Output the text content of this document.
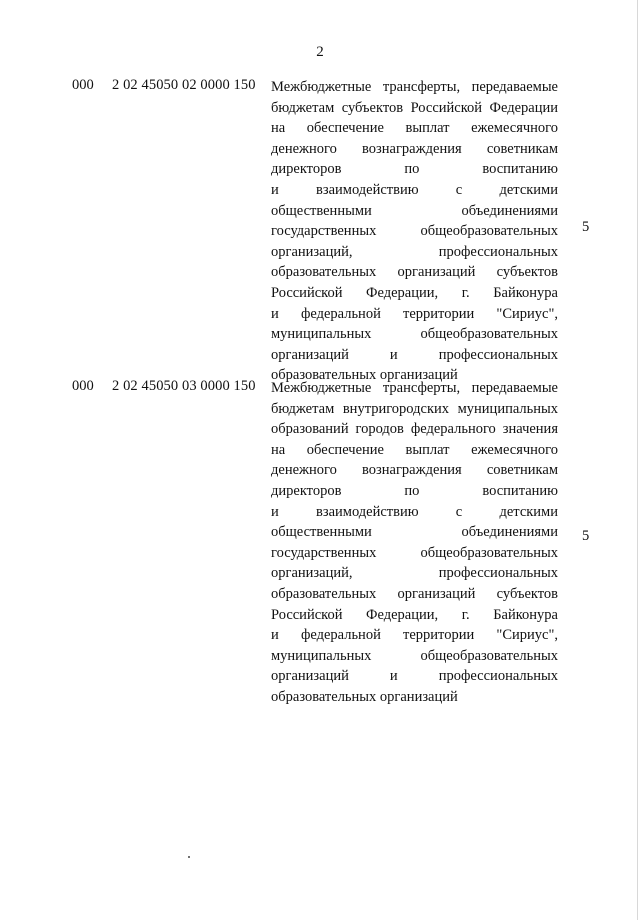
2
000 2 02 45050 02 0000 150 Межбюджетные трансферты, передаваемые
бюджетам субъектов Российской Федерации
на обеспечение выплат ежемесячного
денежного вознаграждения советникам
директоров по воспитанию
и взаимодействию с детскими
общественными объединениями
государственных общеобразовательных
организаций, профессиональных
образовательных организаций субъектов
Российской Федерации, г. Байконура
и федеральной территории "Сириус",
муниципальных общеобразовательных
организаций и профессиональных
образовательных организаций
5
000 2 02 45050 03 0000 150 Межбюджетные трансферты, передаваемые
бюджетам внутригородских муниципальных
образований городов федерального значения
на обеспечение выплат ежемесячного
денежного вознаграждения советникам
директоров по воспитанию
и взаимодействию с детскими
общественными объединениями
государственных общеобразовательных
организаций, профессиональных
образовательных организаций субъектов
Российской Федерации, г. Байконура
и федеральной территории "Сириус",
муниципальных общеобразовательных
организаций и профессиональных
образовательных организаций
5
